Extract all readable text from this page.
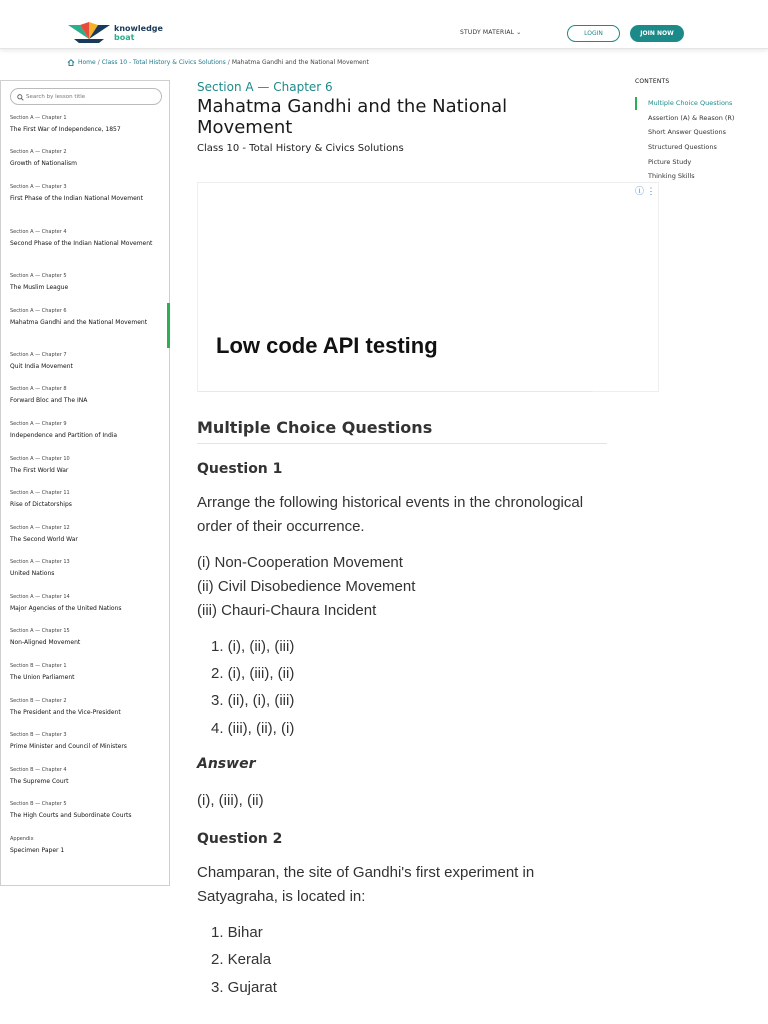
knowledge
boat
STUDY MATERIAL ⌄	LOGIN	JOIN NOW
Home / Class 10 - Total History & Civics Solutions / Mahatma Gandhi and the National Movement
Search by lesson title
Section A — Chapter 1
The First War of Independence, 1857
Section A — Chapter 2
Growth of Nationalism
Section A — Chapter 3
First Phase of the Indian National Movement
Section A — Chapter 4
Second Phase of the Indian National Movement
Section A — Chapter 5
The Muslim League
Section A — Chapter 6
Mahatma Gandhi and the National Movement
Section A — Chapter 7
Quit India Movement
Section A — Chapter 8
Forward Bloc and The INA
Section A — Chapter 9
Independence and Partition of India
Section A — Chapter 10
The First World War
Section A — Chapter 11
Rise of Dictatorships
Section A — Chapter 12
The Second World War
Section A — Chapter 13
United Nations
Section A — Chapter 14
Major Agencies of the United Nations
Section A — Chapter 15
Non-Aligned Movement
Section B — Chapter 1
The Union Parliament
Section B — Chapter 2
The President and the Vice-President
Section B — Chapter 3
Prime Minister and Council of Ministers
Section B — Chapter 4
The Supreme Court
Section B — Chapter 5
The High Courts and Subordinate Courts
Appendix
Specimen Paper 1
Section A — Chapter 6
Mahatma Gandhi and the National Movement
Class 10 - Total History & Civics Solutions
Low code API testing
ⓘ ⋮
Multiple Choice Questions
Question 1
Arrange the following historical events in the chronological order of their occurrence.
(i) Non-Cooperation Movement
(ii) Civil Disobedience Movement
(iii) Chauri-Chaura Incident
1. (i), (ii), (iii)
2. (i), (iii), (ii)
3. (ii), (i), (iii)
4. (iii), (ii), (i)
Answer
(i), (iii), (ii)
Question 2
Champaran, the site of Gandhi's first experiment in Satyagraha, is located in:
1. Bihar
2. Kerala
3. Gujarat
CONTENTS
Multiple Choice Questions
Assertion (A) & Reason (R)
Short Answer Questions
Structured Questions
Picture Study
Thinking Skills
